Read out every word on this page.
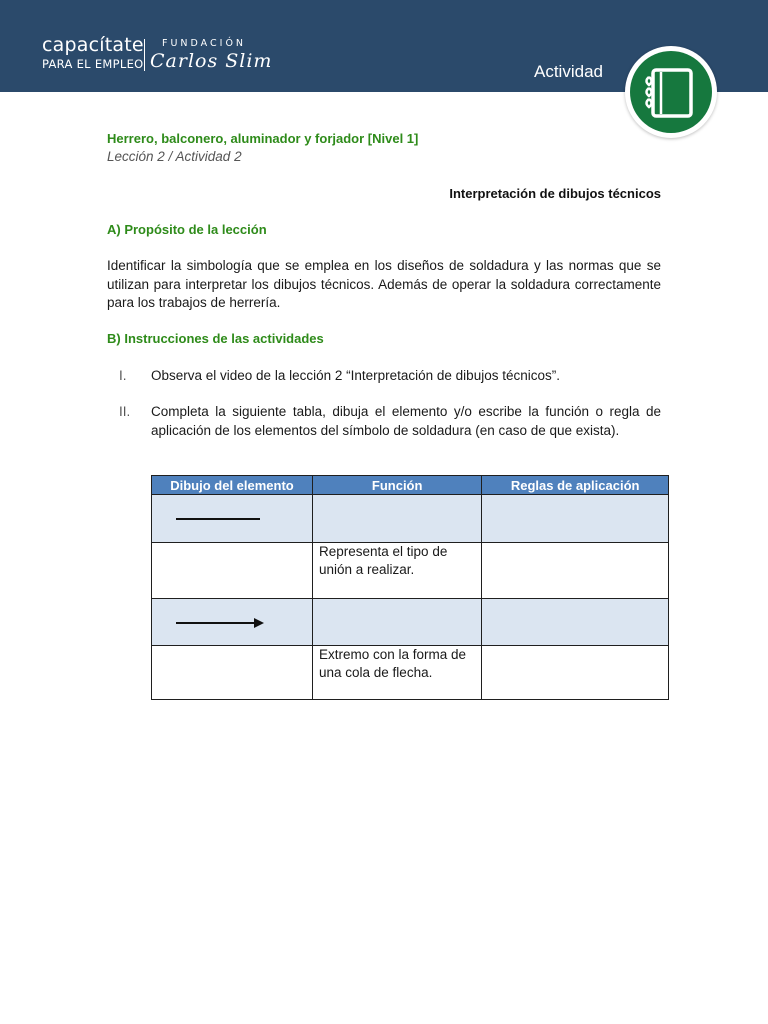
capacítate
PARA EL EMPLEO
FUNDACIÓN
Carlos Slim	Actividad
Herrero, balconero, aluminador y forjador [Nivel 1]
Lección 2 / Actividad 2
Interpretación de dibujos técnicos
A) Propósito de la lección
Identificar la simbología que se emplea en los diseños de soldadura y las normas que se utilizan para interpretar los dibujos técnicos. Además de operar la soldadura correctamente para los trabajos de herrería.
B) Instrucciones de las actividades
I. Observa el video de la lección 2 “Interpretación de dibujos técnicos”.
II. Completa la siguiente tabla, dibuja el elemento y/o escribe la función o regla de aplicación de los elementos del símbolo de soldadura (en caso de que exista).
Dibujo del elemento	Función	Reglas de aplicación

	Representa el tipo de unión a realizar.	

	Extremo con la forma de una cola de flecha.	
